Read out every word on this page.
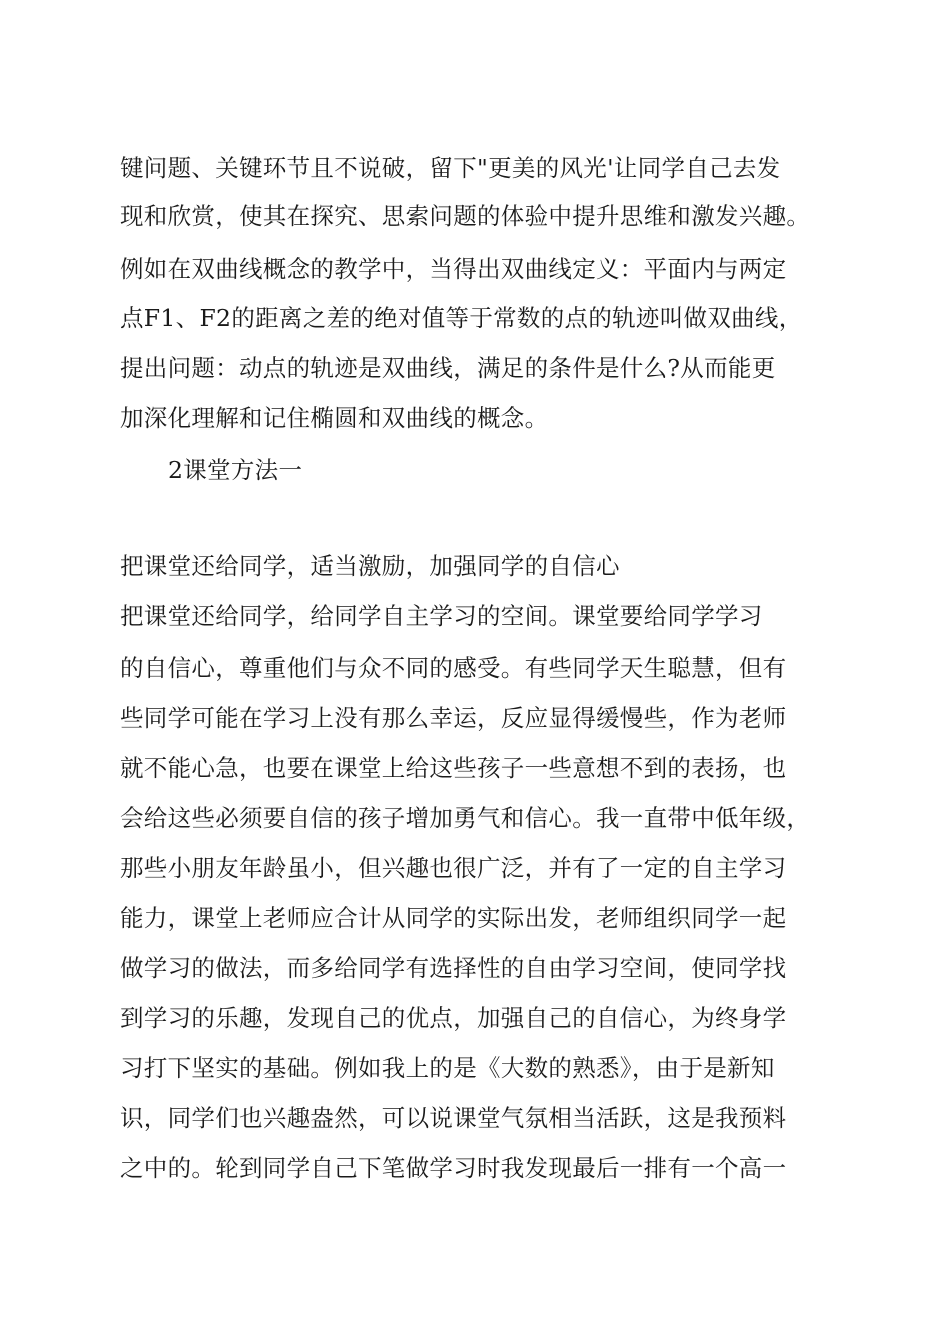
键问题、关键环节且不说破，留下"更美的风光'让同学自己去发
现和欣赏，使其在探究、思索问题的体验中提升思维和激发兴趣。
例如在双曲线概念的教学中，当得出双曲线定义：平面内与两定
点F1、F2的距离之差的绝对值等于常数的点的轨迹叫做双曲线，
提出问题：动点的轨迹是双曲线，满足的条件是什么?从而能更
加深化理解和记住椭圆和双曲线的概念。
2课堂方法一
把课堂还给同学，适当激励，加强同学的自信心
把课堂还给同学，给同学自主学习的空间。课堂要给同学学习
的自信心，尊重他们与众不同的感受。有些同学天生聪慧，但有
些同学可能在学习上没有那么幸运，反应显得缓慢些，作为老师
就不能心急，也要在课堂上给这些孩子一些意想不到的表扬，也
会给这些必须要自信的孩子增加勇气和信心。我一直带中低年级，
那些小朋友年龄虽小，但兴趣也很广泛，并有了一定的自主学习
能力，课堂上老师应合计从同学的实际出发，老师组织同学一起
做学习的做法，而多给同学有选择性的自由学习空间，使同学找
到学习的乐趣，发现自己的优点，加强自己的自信心，为终身学
习打下坚实的基础。例如我上的是《大数的熟悉》，由于是新知
识，同学们也兴趣盎然，可以说课堂气氛相当活跃，这是我预料
之中的。轮到同学自己下笔做学习时我发现最后一排有一个高一
